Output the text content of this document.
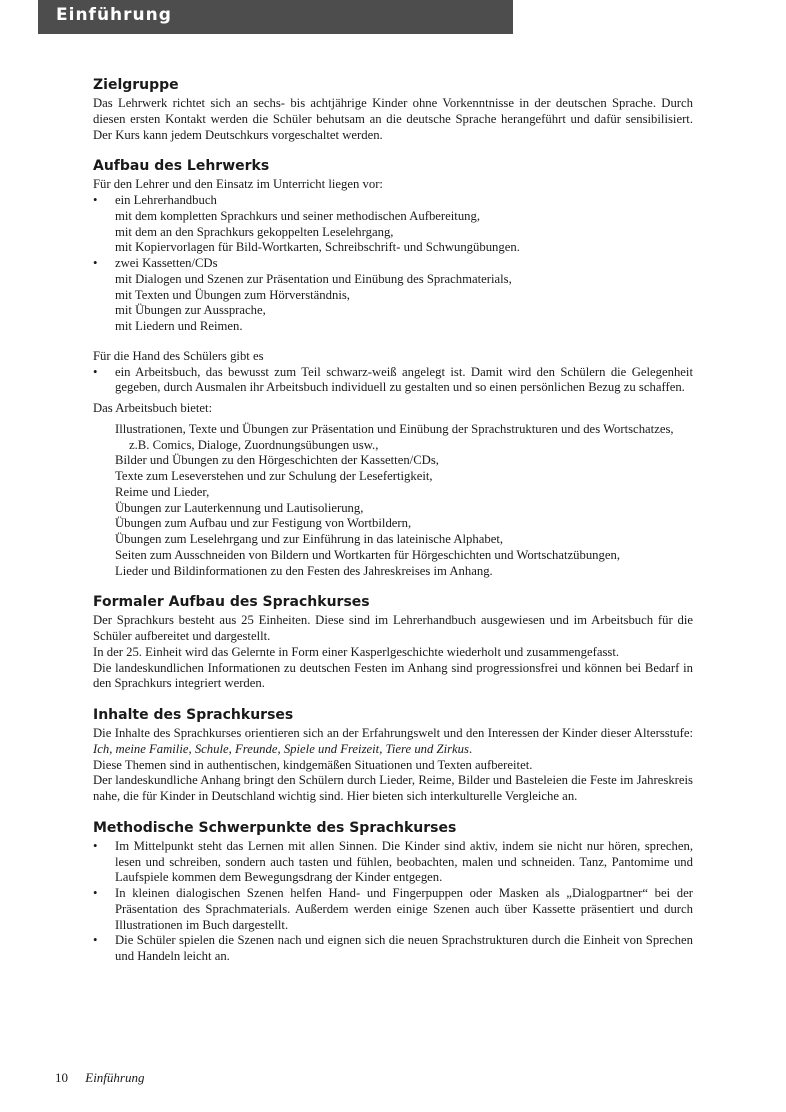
Einführung
Zielgruppe

Das Lehrwerk richtet sich an sechs- bis achtjährige Kinder ohne Vorkenntnisse in der deutschen Sprache. Durch diesen ersten Kontakt werden die Schüler behutsam an die deutsche Sprache herangeführt und dafür sensibilisiert. Der Kurs kann jedem Deutschkurs vorgeschaltet werden.

Aufbau des Lehrwerks

Für den Lehrer und den Einsatz im Unterricht liegen vor:

• ein Lehrerhandbuch
mit dem kompletten Sprachkurs und seiner methodischen Aufbereitung,
mit dem an den Sprachkurs gekoppelten Leselehrgang,
mit Kopiervorlagen für Bild-Wortkarten, Schreibschrift- und Schwungübungen.
• zwei Kassetten/CDs
mit Dialogen und Szenen zur Präsentation und Einübung des Sprachmaterials,
mit Texten und Übungen zum Hörverständnis,
mit Übungen zur Aussprache,
mit Liedern und Reimen.

Für die Hand des Schülers gibt es

• ein Arbeitsbuch, das bewusst zum Teil schwarz-weiß angelegt ist. Damit wird den Schülern die Gelegenheit gegeben, durch Ausmalen ihr Arbeitsbuch individuell zu gestalten und so einen persönlichen Bezug zu schaffen.

Das Arbeitsbuch bietet:

Illustrationen, Texte und Übungen zur Präsentation und Einübung der Sprachstrukturen und des Wortschatzes, z.B. Comics, Dialoge, Zuordnungsübungen usw.,
Bilder und Übungen zu den Hörgeschichten der Kassetten/CDs,
Texte zum Leseverstehen und zur Schulung der Lesefertigkeit,
Reime und Lieder,
Übungen zur Lauterkennung und Lautisolierung,
Übungen zum Aufbau und zur Festigung von Wortbildern,
Übungen zum Leselehrgang und zur Einführung in das lateinische Alphabet,
Seiten zum Ausschneiden von Bildern und Wortkarten für Hörgeschichten und Wortschatzübungen,
Lieder und Bildinformationen zu den Festen des Jahreskreises im Anhang.
Formaler Aufbau des Sprachkurses

Der Sprachkurs besteht aus 25 Einheiten. Diese sind im Lehrerhandbuch ausgewiesen und im Arbeitsbuch für die Schüler aufbereitet und dargestellt.

In der 25. Einheit wird das Gelernte in Form einer Kasperlgeschichte wiederholt und zusammengefasst.

Die landeskundlichen Informationen zu deutschen Festen im Anhang sind progressionsfrei und können bei Bedarf in den Sprachkurs integriert werden.

Inhalte des Sprachkurses

Die Inhalte des Sprachkurses orientieren sich an der Erfahrungswelt und den Interessen der Kinder dieser Altersstufe: Ich, meine Familie, Schule, Freunde, Spiele und Freizeit, Tiere und Zirkus.

Diese Themen sind in authentischen, kindgemäßen Situationen und Texten aufbereitet.

Der landeskundliche Anhang bringt den Schülern durch Lieder, Reime, Bilder und Basteleien die Feste im Jahreskreis nahe, die für Kinder in Deutschland wichtig sind. Hier bieten sich interkulturelle Vergleiche an.

Methodische Schwerpunkte des Sprachkurses
• Im Mittelpunkt steht das Lernen mit allen Sinnen. Die Kinder sind aktiv, indem sie nicht nur hören, sprechen, lesen und schreiben, sondern auch tasten und fühlen, beobachten, malen und schneiden. Tanz, Pantomime und Laufspiele kommen dem Bewegungsdrang der Kinder entgegen.
• In kleinen dialogischen Szenen helfen Hand- und Fingerpuppen oder Masken als „Dialogpartner“ bei der Präsentation des Sprachmaterials. Außerdem werden einige Szenen auch über Kassette präsentiert und durch Illustrationen im Buch dargestellt.
• Die Schüler spielen die Szenen nach und eignen sich die neuen Sprachstrukturen durch die Einheit von Sprechen und Handeln leicht an.
10 Einführung
